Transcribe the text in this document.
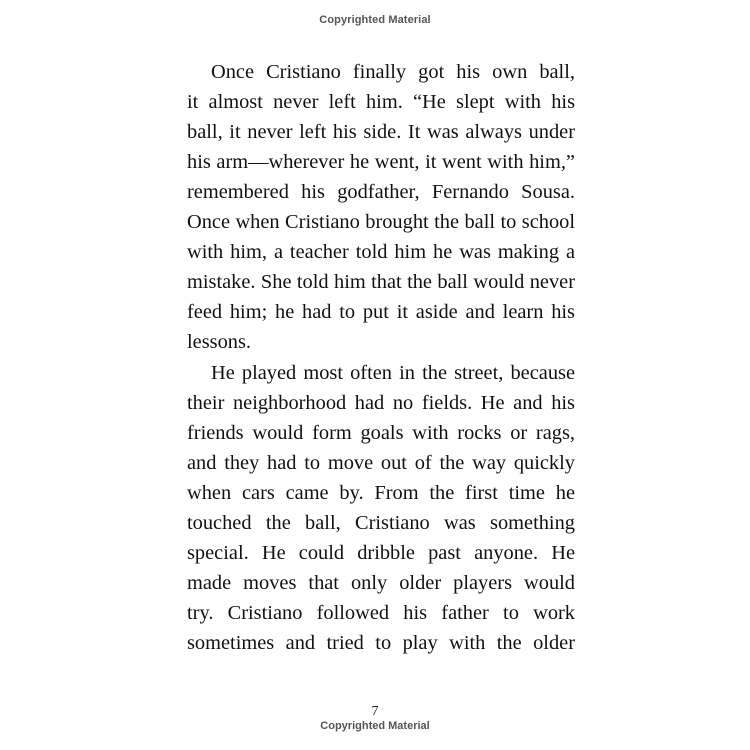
Copyrighted Material

Once Cristiano finally got his own ball,
it almost never left him. “He slept with his
ball, it never left his side. It was always under
his arm—wherever he went, it went with him,”
remembered his godfather, Fernando Sousa.
Once when Cristiano brought the ball to school
with him, a teacher told him he was making a
mistake. She told him that the ball would never
feed him; he had to put it aside and learn his
lessons.

He played most often in the street, because
their neighborhood had no fields. He and his
friends would form goals with rocks or rags,
and they had to move out of the way quickly
when cars came by. From the first time he
touched the ball, Cristiano was something
special. He could dribble past anyone. He
made moves that only older players would
try. Cristiano followed his father to work
sometimes and tried to play with the older

7
Copyrighted Material
